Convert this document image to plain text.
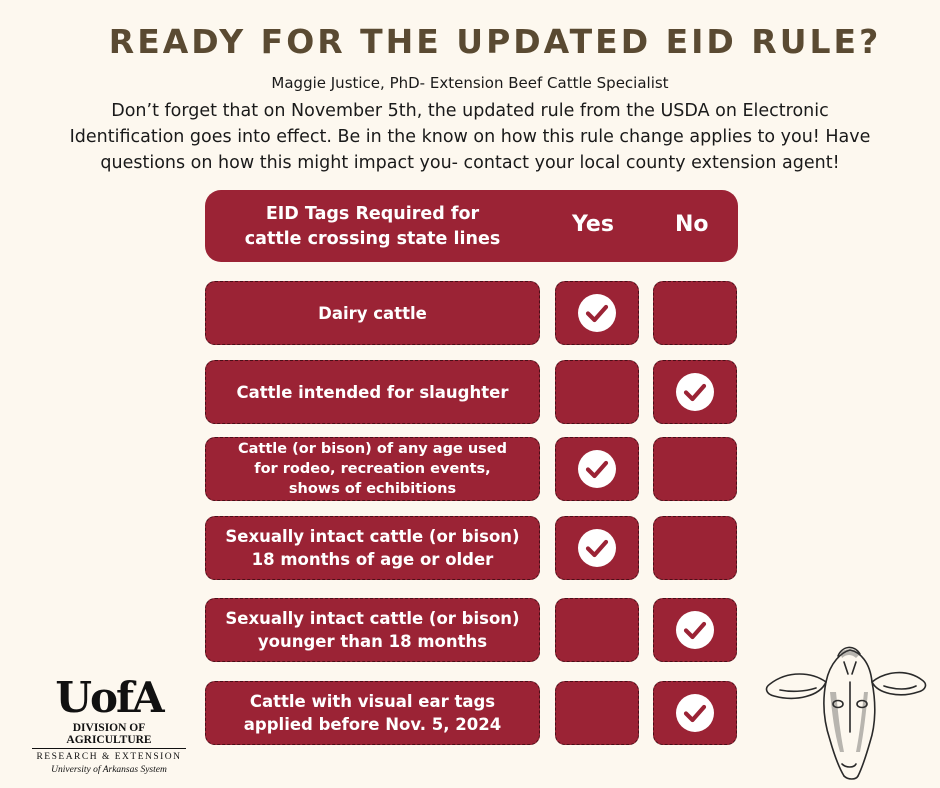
READY FOR THE UPDATED EID RULE?
Maggie Justice, PhD- Extension Beef Cattle Specialist
Don’t forget that on November 5th, the updated rule from the USDA on Electronic
Identification goes into effect. Be in the know on how this rule change applies to you! Have
questions on how this might impact you- contact your local county extension agent!
EID Tags Required for
cattle crossing state lines
Yes	No
Dairy cattle
Cattle intended for slaughter
Cattle (or bison) of any age used
for rodeo, recreation events,
shows of echibitions
Sexually intact cattle (or bison)
18 months of age or older
Sexually intact cattle (or bison)
younger than 18 months
Cattle with visual ear tags
applied before Nov. 5, 2024
UofA
DIVISION OF AGRICULTURE
RESEARCH & EXTENSION
University of Arkansas System
